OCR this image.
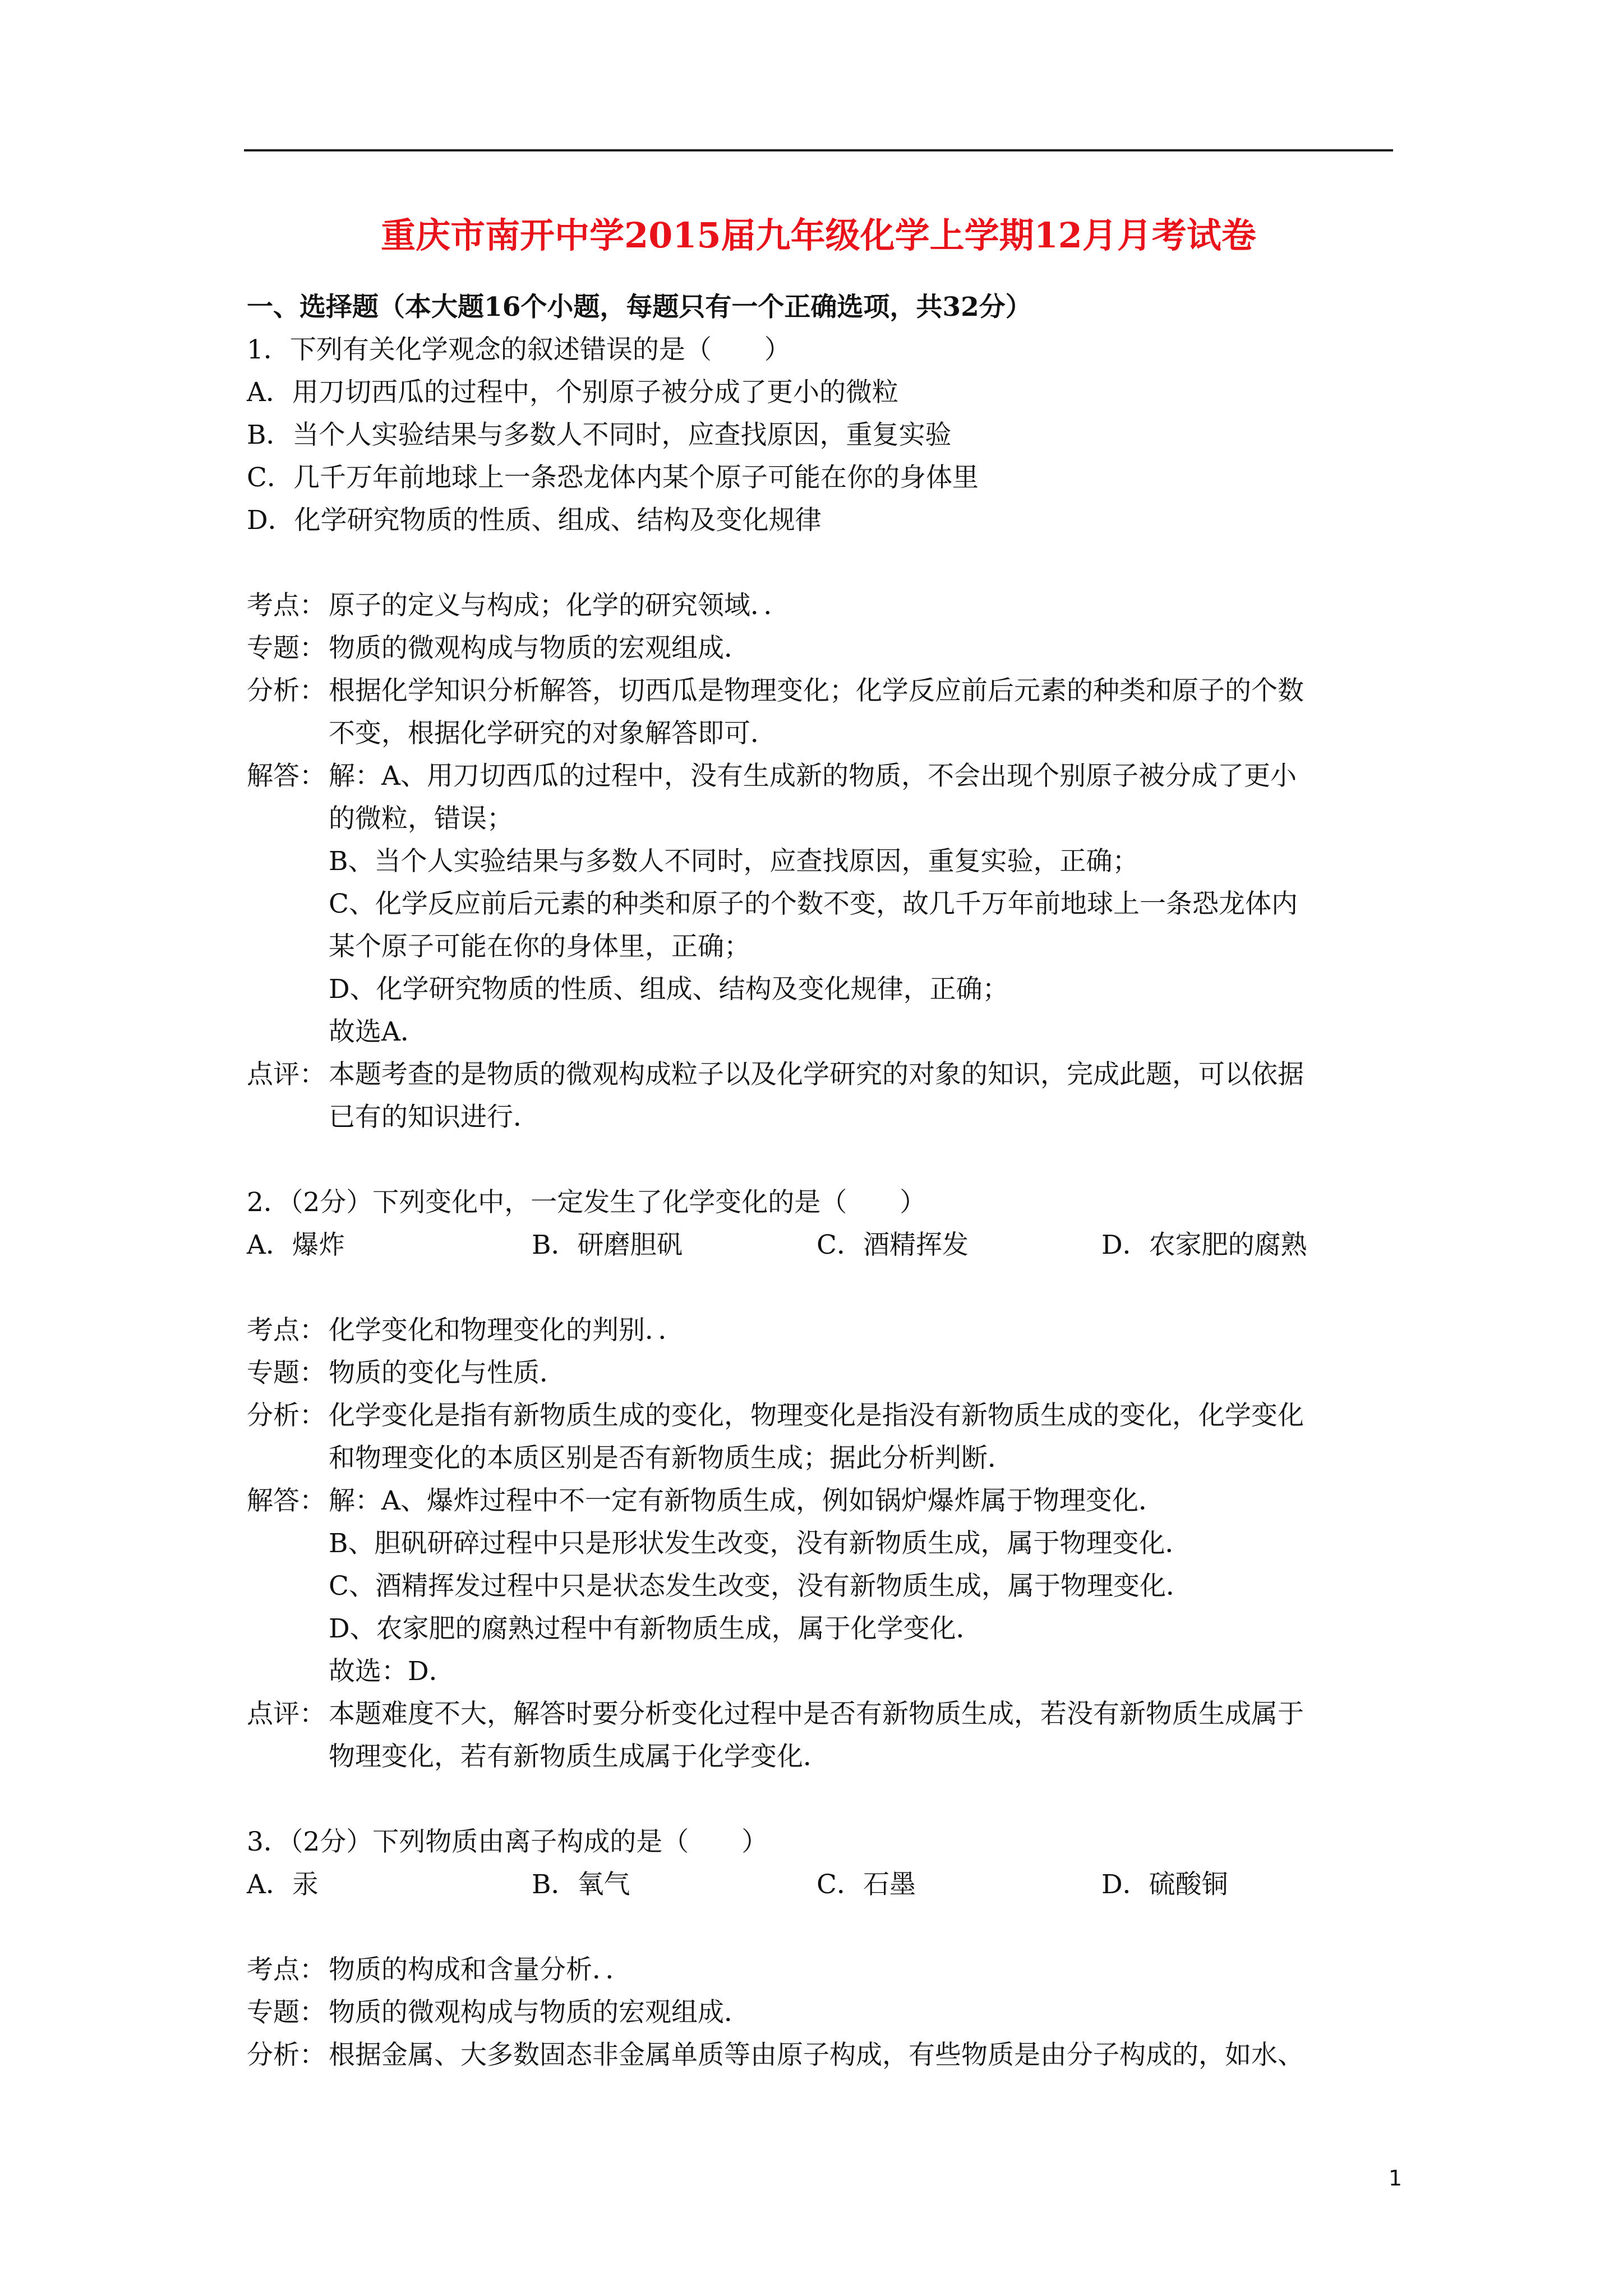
重庆市南开中学2015届九年级化学上学期12月月考试卷
一、选择题（本大题16个小题，每题只有一个正确选项，共32分）
1．下列有关化学观念的叙述错误的是（　　）
A．用刀切西瓜的过程中，个别原子被分成了更小的微粒
B．当个人实验结果与多数人不同时，应查找原因，重复实验
C．几千万年前地球上一条恐龙体内某个原子可能在你的身体里
D．化学研究物质的性质、组成、结构及变化规律
考点： 原子的定义与构成；化学的研究领域．．
专题： 物质的微观构成与物质的宏观组成．
分析： 根据化学知识分析解答，切西瓜是物理变化；化学反应前后元素的种类和原子的个数
不变，根据化学研究的对象解答即可．
解答： 解：A、用刀切西瓜的过程中，没有生成新的物质，不会出现个别原子被分成了更小
的微粒，错误；
B、当个人实验结果与多数人不同时，应查找原因，重复实验，正确；
C、化学反应前后元素的种类和原子的个数不变，故几千万年前地球上一条恐龙体内
某个原子可能在你的身体里，正确；
D、化学研究物质的性质、组成、结构及变化规律，正确；
故选A．
点评： 本题考查的是物质的微观构成粒子以及化学研究的对象的知识，完成此题，可以依据
已有的知识进行．
2．（2分）下列变化中，一定发生了化学变化的是（　　）
A．爆炸	B．研磨胆矾	C．酒精挥发	D．农家肥的腐熟
考点： 化学变化和物理变化的判别．．
专题： 物质的变化与性质．
分析： 化学变化是指有新物质生成的变化，物理变化是指没有新物质生成的变化，化学变化
和物理变化的本质区别是否有新物质生成；据此分析判断．
解答： 解：A、爆炸过程中不一定有新物质生成，例如锅炉爆炸属于物理变化．
B、胆矾研碎过程中只是形状发生改变，没有新物质生成，属于物理变化．
C、酒精挥发过程中只是状态发生改变，没有新物质生成，属于物理变化．
D、农家肥的腐熟过程中有新物质生成，属于化学变化．
故选：D．
点评： 本题难度不大，解答时要分析变化过程中是否有新物质生成，若没有新物质生成属于
物理变化，若有新物质生成属于化学变化．
3．（2分）下列物质由离子构成的是（　　）
A．汞	B．氧气	C．石墨	D．硫酸铜
考点： 物质的构成和含量分析．．
专题： 物质的微观构成与物质的宏观组成．
分析： 根据金属、大多数固态非金属单质等由原子构成，有些物质是由分子构成的，如水、
1
